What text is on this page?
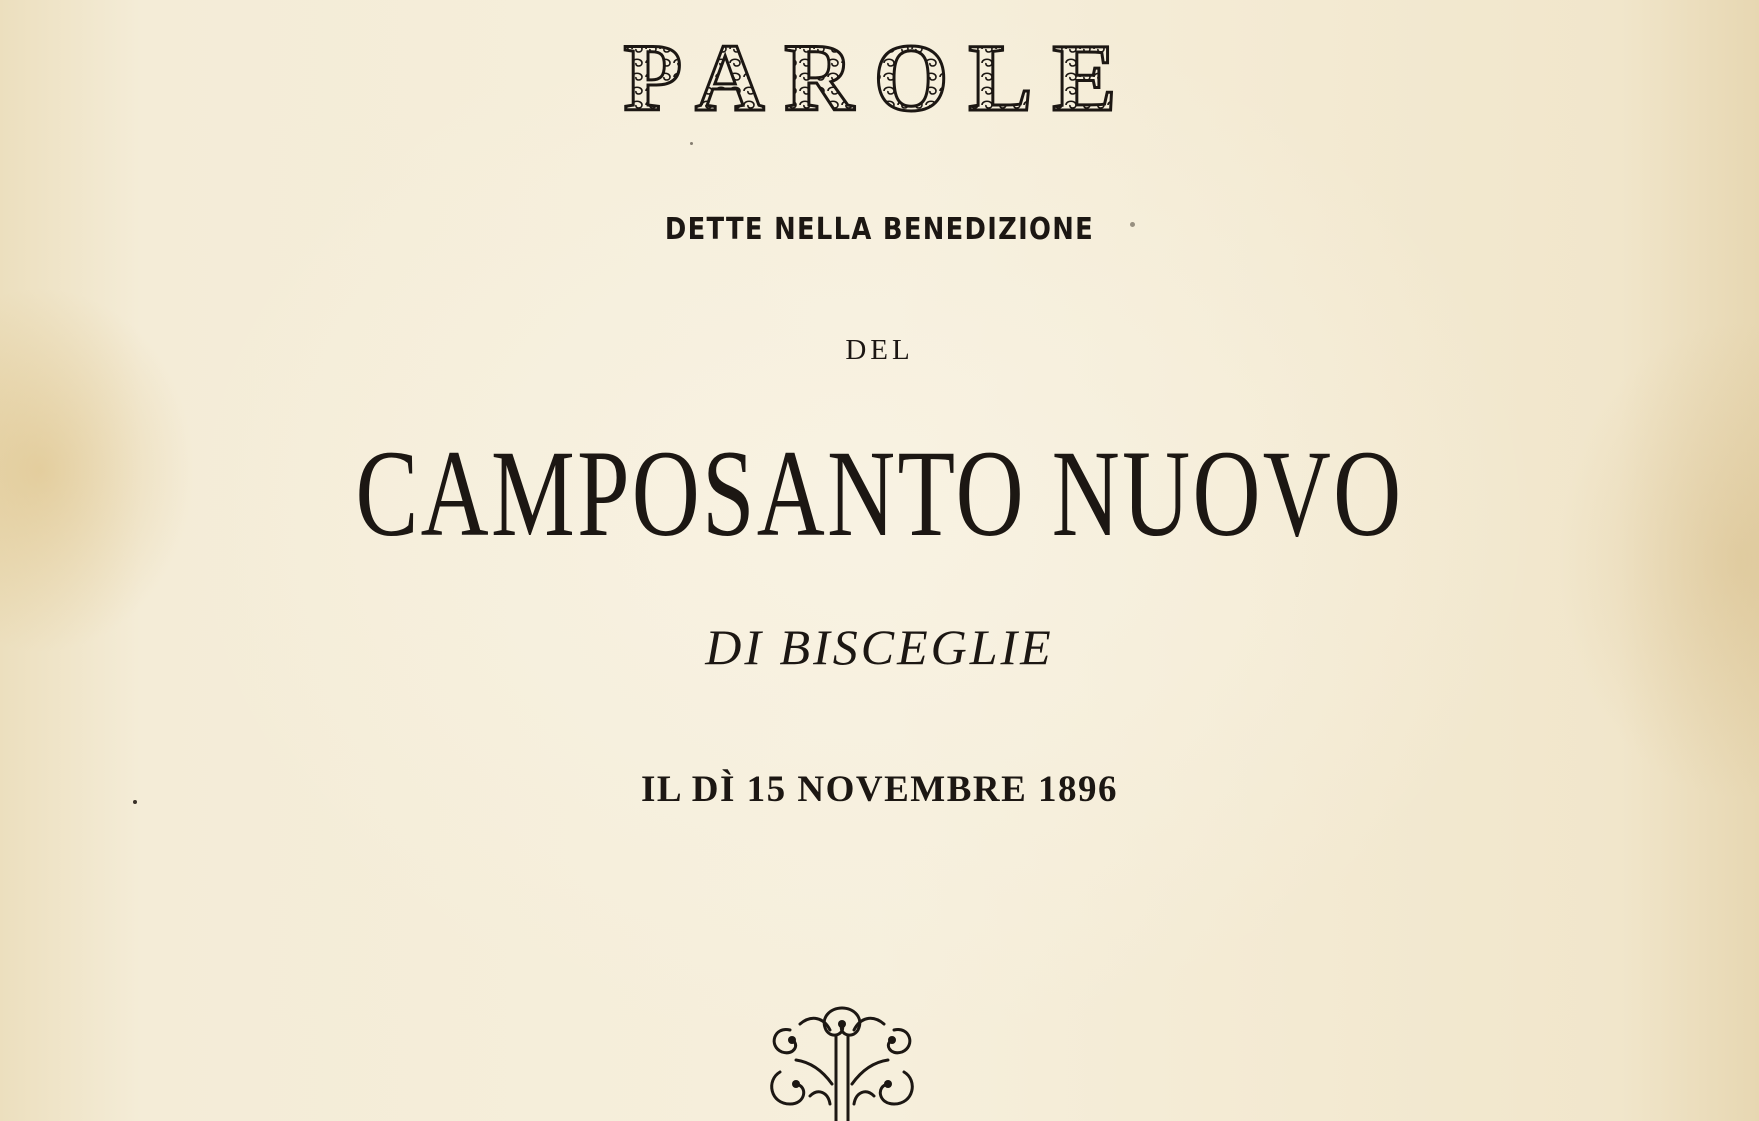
PAROLE
DETTE NELLA BENEDIZIONE
DEL
CAMPOSANTO NUOVO
DI BISCEGLIE
IL DÌ 15 NOVEMBRE 1896
